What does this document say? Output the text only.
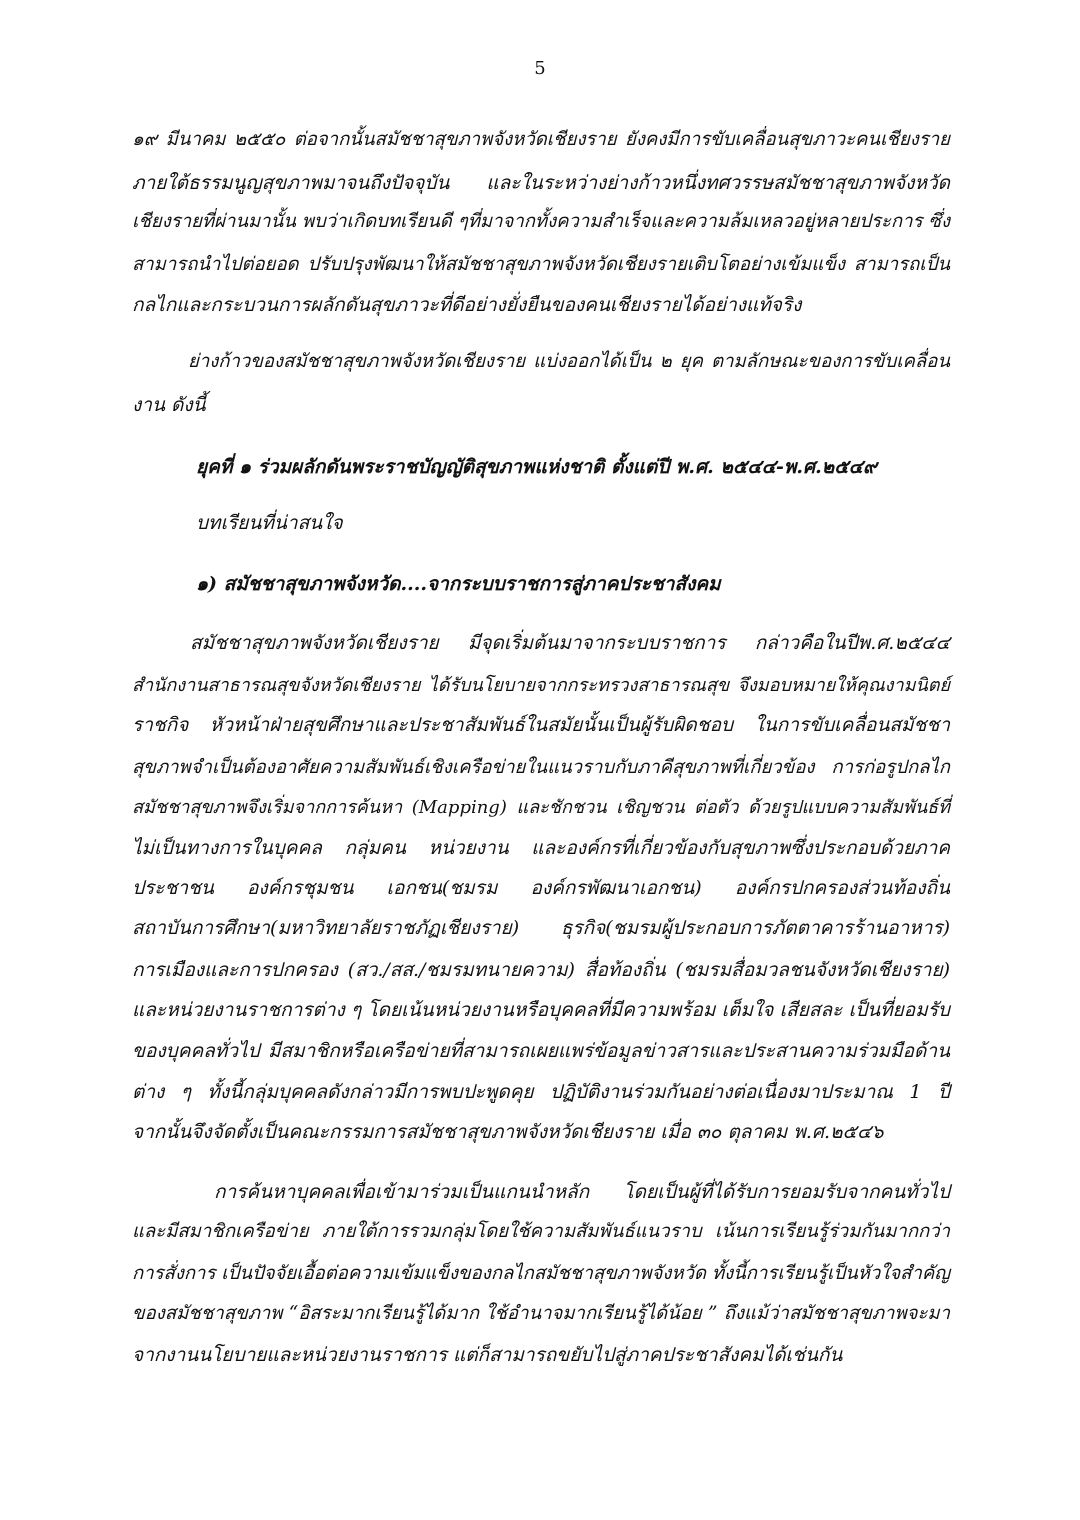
5
๑๙ มีนาคม ๒๕๕๐ ต่อจากนั้นสมัชชาสุขภาพจังหวัดเชียงราย ยังคงมีการขับเคลื่อนสุขภาวะคนเชียงราย
ภายใต้ธรรมนูญสุขภาพมาจนถึงปัจจุบัน และในระหว่างย่างก้าวหนึ่งทศวรรษสมัชชาสุขภาพจังหวัด
เชียงรายที่ผ่านมานั้น พบว่าเกิดบทเรียนดี ๆที่มาจากทั้งความสำเร็จและความล้มเหลวอยู่หลายประการ ซึ่ง
สามารถนำไปต่อยอด ปรับปรุงพัฒนาให้สมัชชาสุขภาพจังหวัดเชียงรายเติบโตอย่างเข้มแข็ง สามารถเป็น
กลไกและกระบวนการผลักดันสุขภาวะที่ดีอย่างยั่งยืนของคนเชียงรายได้อย่างแท้จริง
ย่างก้าวของสมัชชาสุขภาพจังหวัดเชียงราย แบ่งออกได้เป็น ๒ ยุค ตามลักษณะของการขับเคลื่อน
งาน ดังนี้
ยุคที่ ๑ ร่วมผลักดันพระราชบัญญัติสุขภาพแห่งชาติ ตั้งแต่ปี พ.ศ. ๒๕๔๔-พ.ศ.๒๕๔๙
บทเรียนที่น่าสนใจ
๑) สมัชชาสุขภาพจังหวัด....จากระบบราชการสู่ภาคประชาสังคม
สมัชชาสุขภาพจังหวัดเชียงราย มีจุดเริ่มต้นมาจากระบบราชการ กล่าวคือในปีพ.ศ.๒๕๔๔
สำนักงานสาธารณสุขจังหวัดเชียงราย ได้รับนโยบายจากกระทรวงสาธารณสุข จึงมอบหมายให้คุณงามนิตย์
ราชกิจ หัวหน้าฝ่ายสุขศึกษาและประชาสัมพันธ์ในสมัยนั้นเป็นผู้รับผิดชอบ ในการขับเคลื่อนสมัชชา
สุขภาพจำเป็นต้องอาศัยความสัมพันธ์เชิงเครือข่ายในแนวราบกับภาคีสุขภาพที่เกี่ยวข้อง การก่อรูปกลไก
สมัชชาสุขภาพจึงเริ่มจากการค้นหา (Mapping) และชักชวน เชิญชวน ต่อตัว ด้วยรูปแบบความสัมพันธ์ที่
ไม่เป็นทางการในบุคคล กลุ่มคน หน่วยงาน และองค์กรที่เกี่ยวข้องกับสุขภาพซึ่งประกอบด้วยภาค
ประชาชน องค์กรชุมชน เอกชน(ชมรม องค์กรพัฒนาเอกชน) องค์กรปกครองส่วนท้องถิ่น
สถาบันการศึกษา(มหาวิทยาลัยราชภัฏเชียงราย) ธุรกิจ(ชมรมผู้ประกอบการภัตตาคารร้านอาหาร)
การเมืองและการปกครอง (สว./สส./ชมรมทนายความ) สื่อท้องถิ่น (ชมรมสื่อมวลชนจังหวัดเชียงราย)
และหน่วยงานราชการต่าง ๆ โดยเน้นหน่วยงานหรือบุคคลที่มีความพร้อม เต็มใจ เสียสละ เป็นที่ยอมรับ
ของบุคคลทั่วไป มีสมาชิกหรือเครือข่ายที่สามารถเผยแพร่ข้อมูลข่าวสารและประสานความร่วมมือด้าน
ต่าง ๆ ทั้งนี้กลุ่มบุคคลดังกล่าวมีการพบปะพูดคุย ปฏิบัติงานร่วมกันอย่างต่อเนื่องมาประมาณ 1 ปี
จากนั้นจึงจัดตั้งเป็นคณะกรรมการสมัชชาสุขภาพจังหวัดเชียงราย เมื่อ ๓๐ ตุลาคม พ.ศ.๒๕๔๖
การค้นหาบุคคลเพื่อเข้ามาร่วมเป็นแกนนำหลัก โดยเป็นผู้ที่ได้รับการยอมรับจากคนทั่วไป
และมีสมาชิกเครือข่าย ภายใต้การรวมกลุ่มโดยใช้ความสัมพันธ์แนวราบ เน้นการเรียนรู้ร่วมกันมากกว่า
การสั่งการ เป็นปัจจัยเอื้อต่อความเข้มแข็งของกลไกสมัชชาสุขภาพจังหวัด ทั้งนี้การเรียนรู้เป็นหัวใจสำคัญ
ของสมัชชาสุขภาพ “อิสระมากเรียนรู้ได้มาก ใช้อำนาจมากเรียนรู้ได้น้อย ” ถึงแม้ว่าสมัชชาสุขภาพจะมา
จากงานนโยบายและหน่วยงานราชการ แต่ก็สามารถขยับไปสู่ภาคประชาสังคมได้เช่นกัน
